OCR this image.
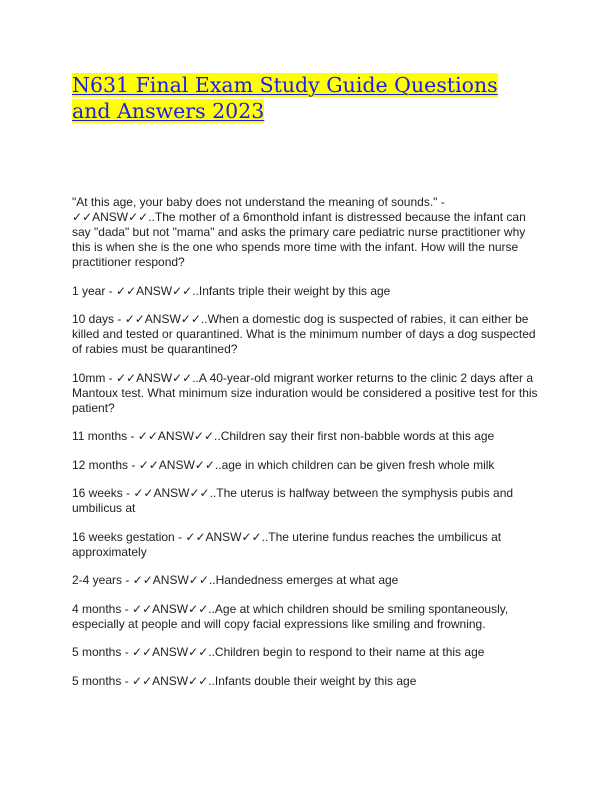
N631 Final Exam Study Guide Questions and Answers 2023
"At this age, your baby does not understand the meaning of sounds." - ✓✓ANSW✓✓..The mother of a 6monthold infant is distressed because the infant can say "dada" but not "mama" and asks the primary care pediatric nurse practitioner why this is when she is the one who spends more time with the infant. How will the nurse practitioner respond?
1 year - ✓✓ANSW✓✓..Infants triple their weight by this age
10 days - ✓✓ANSW✓✓..When a domestic dog is suspected of rabies, it can either be killed and tested or quarantined. What is the minimum number of days a dog suspected of rabies must be quarantined?
10mm - ✓✓ANSW✓✓..A 40-year-old migrant worker returns to the clinic 2 days after a Mantoux test. What minimum size induration would be considered a positive test for this patient?
11 months - ✓✓ANSW✓✓..Children say their first non-babble words at this age
12 months - ✓✓ANSW✓✓..age in which children can be given fresh whole milk
16 weeks - ✓✓ANSW✓✓..The uterus is halfway between the symphysis pubis and umbilicus at
16 weeks gestation - ✓✓ANSW✓✓..The uterine fundus reaches the umbilicus at approximately
2-4 years - ✓✓ANSW✓✓..Handedness emerges at what age
4 months - ✓✓ANSW✓✓..Age at which children should be smiling spontaneously, especially at people and will copy facial expressions like smiling and frowning.
5 months - ✓✓ANSW✓✓..Children begin to respond to their name at this age
5 months - ✓✓ANSW✓✓..Infants double their weight by this age
